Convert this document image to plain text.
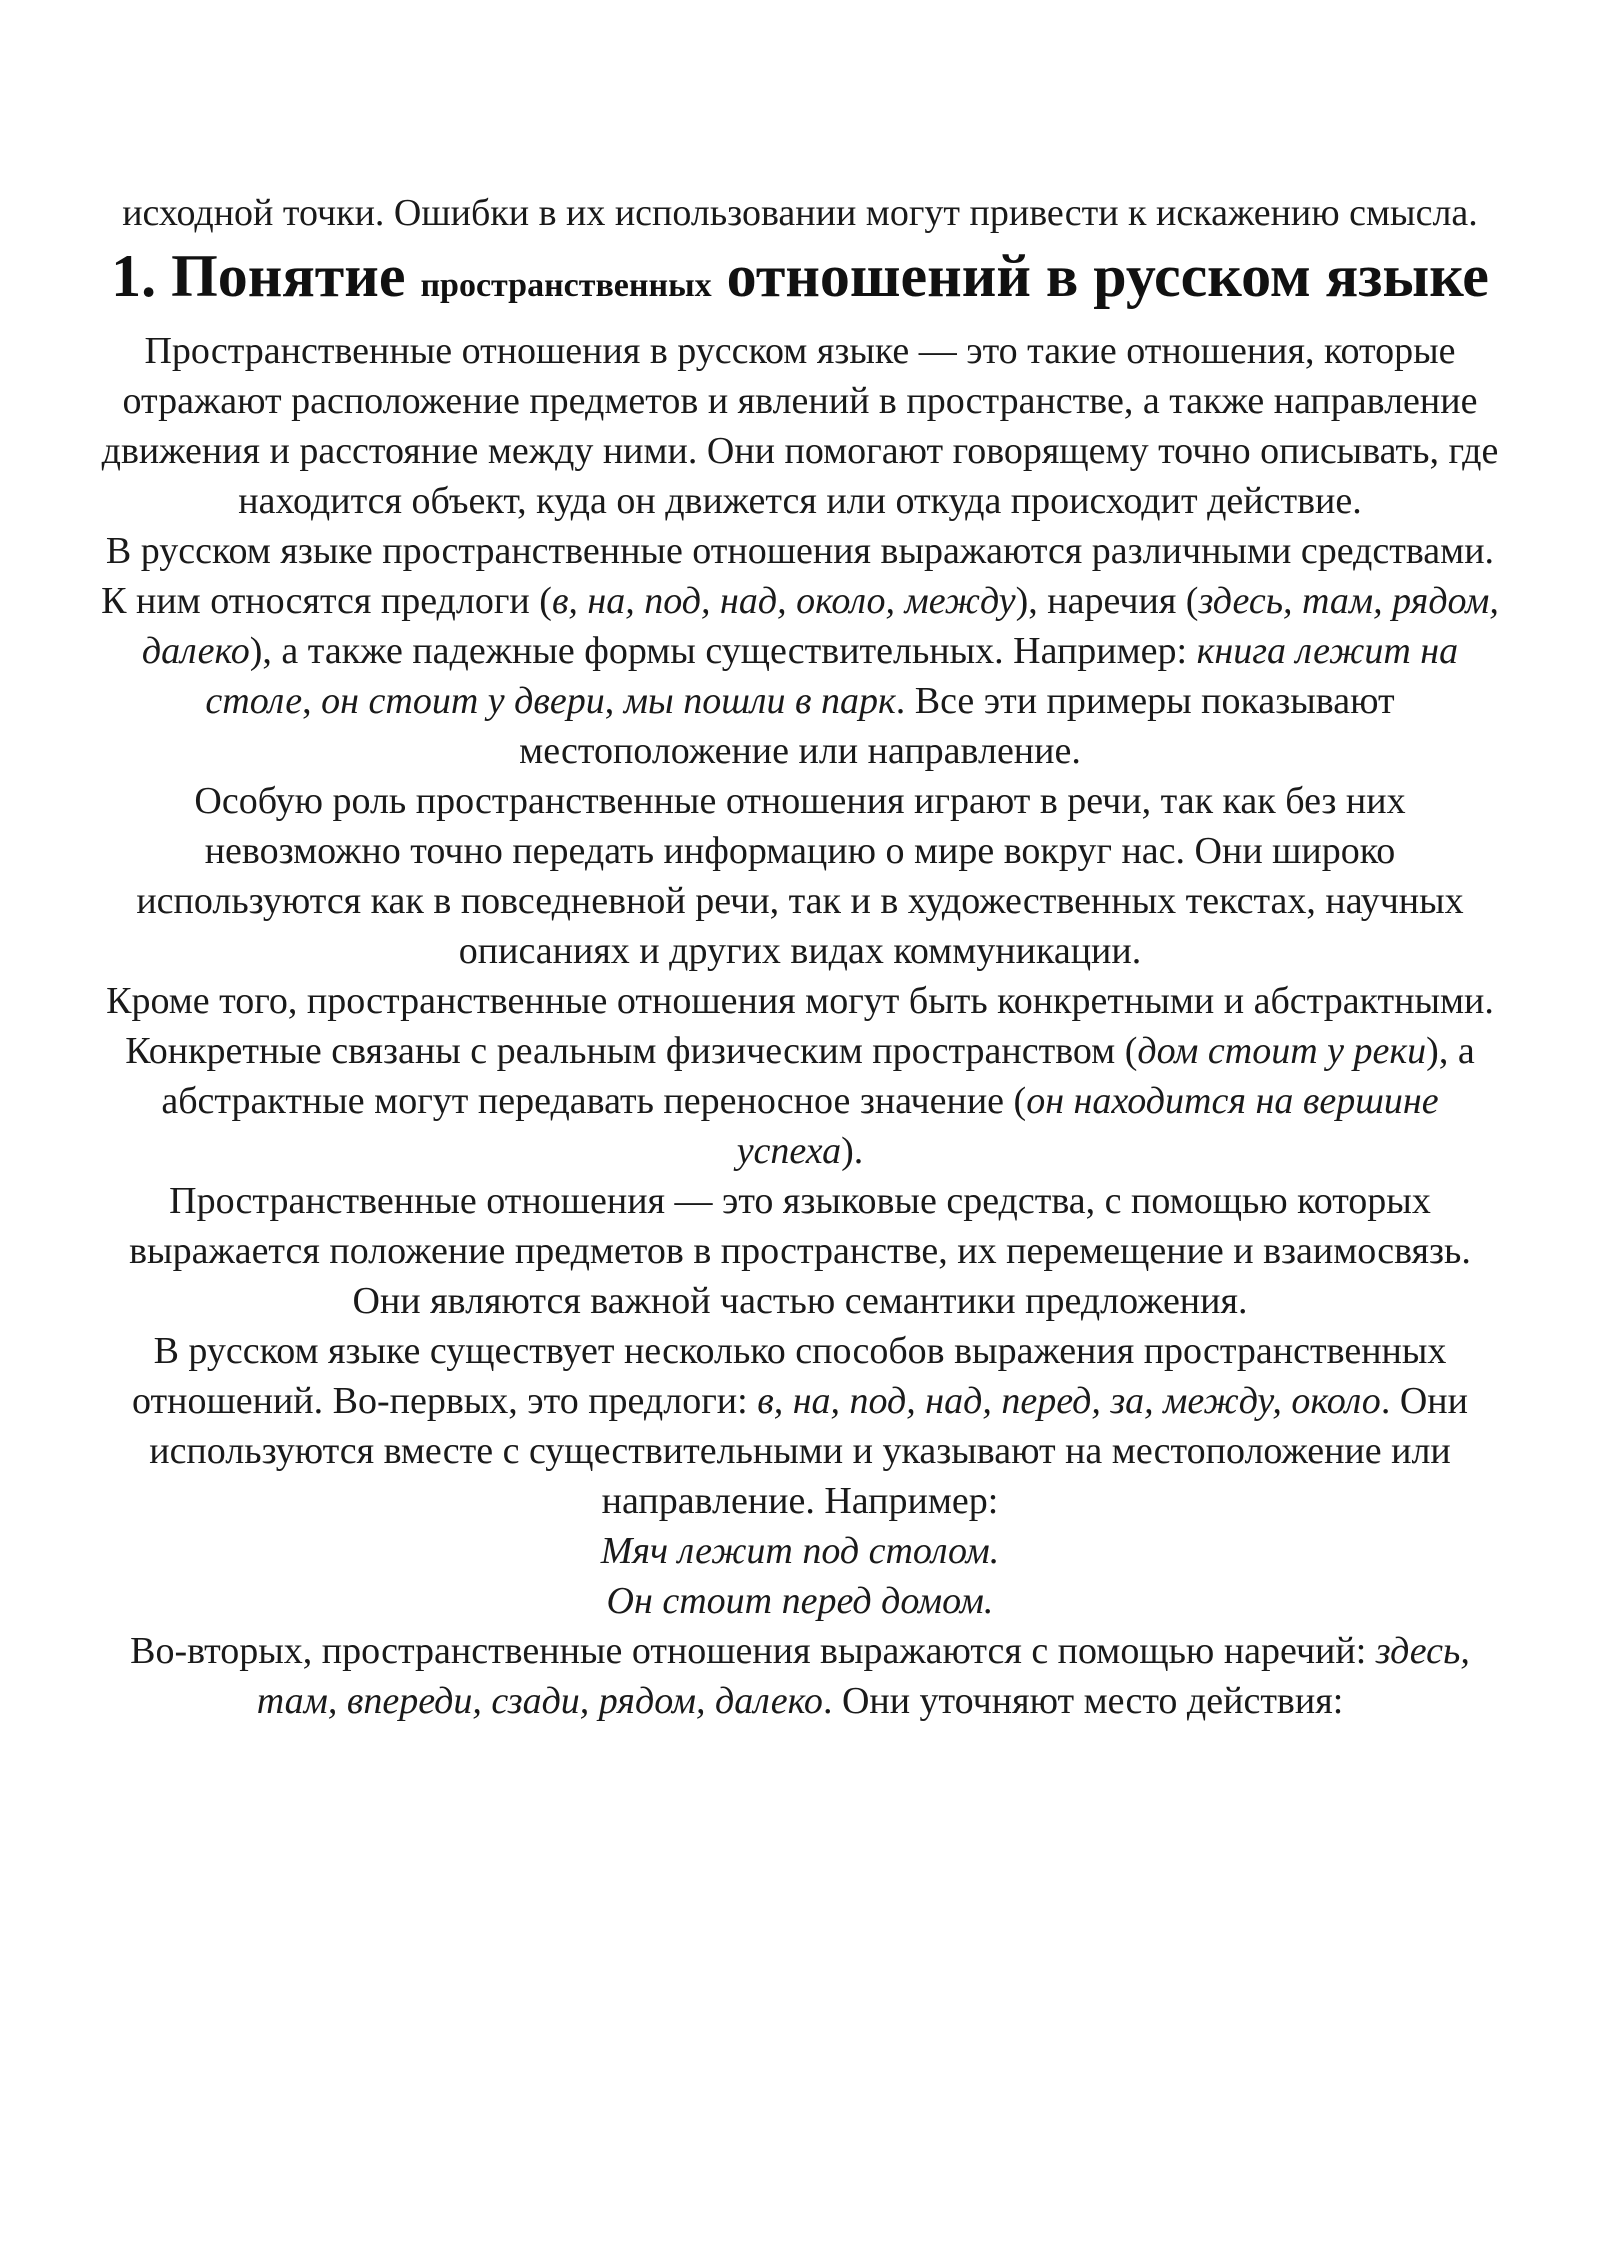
исходной точки. Ошибки в их использовании могут привести к искажению смысла.

1. Понятие пространственных отношений в русском языке

Пространственные отношения в русском языке — это такие отношения, которые отражают расположение предметов и явлений в пространстве, а также направление движения и расстояние между ними. Они помогают говорящему точно описывать, где находится объект, куда он движется или откуда происходит действие.

В русском языке пространственные отношения выражаются различными средствами. К ним относятся предлоги (в, на, под, над, около, между), наречия (здесь, там, рядом, далеко), а также падежные формы существительных. Например: книга лежит на столе, он стоит у двери, мы пошли в парк. Все эти примеры показывают местоположение или направление.

Особую роль пространственные отношения играют в речи, так как без них невозможно точно передать информацию о мире вокруг нас. Они широко используются как в повседневной речи, так и в художественных текстах, научных описаниях и других видах коммуникации.

Кроме того, пространственные отношения могут быть конкретными и абстрактными. Конкретные связаны с реальным физическим пространством (дом стоит у реки), а абстрактные могут передавать переносное значение (он находится на вершине успеха).

Пространственные отношения — это языковые средства, с помощью которых выражается положение предметов в пространстве, их перемещение и взаимосвязь. Они являются важной частью семантики предложения.

В русском языке существует несколько способов выражения пространственных отношений. Во-первых, это предлоги: в, на, под, над, перед, за, между, около. Они используются вместе с существительными и указывают на местоположение или направление. Например:

Мяч лежит под столом.

Он стоит перед домом.

Во-вторых, пространственные отношения выражаются с помощью наречий: здесь, там, впереди, сзади, рядом, далеко. Они уточняют место действия:
